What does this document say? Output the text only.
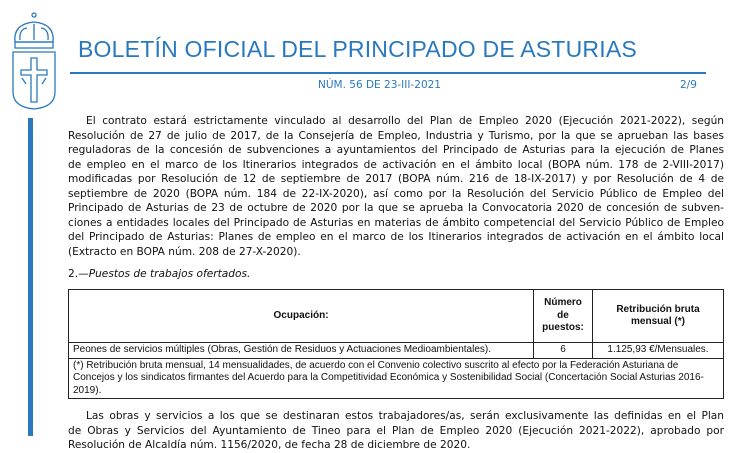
BOLETÍN OFICIAL DEL PRINCIPADO DE ASTURIAS
NÚM. 56 DE 23-III-2021	2/9
El contrato estará estrictamente vinculado al desarrollo del Plan de Empleo 2020 (Ejecución 2021-2022), según
Resolución de 27 de julio de 2017, de la Consejería de Empleo, Industria y Turismo, por la que se aprueban las bases
reguladoras de la concesión de subvenciones a ayuntamientos del Principado de Asturias para la ejecución de Planes
de empleo en el marco de los Itinerarios integrados de activación en el ámbito local (BOPA núm. 178 de 2-VIII-2017)
modificadas por Resolución de 12 de septiembre de 2017 (BOPA núm. 216 de 18-IX-2017) y por Resolución de 4 de
septiembre de 2020 (BOPA núm. 184 de 22-IX-2020), así como por la Resolución del Servicio Público de Empleo del
Principado de Asturias de 23 de octubre de 2020 por la que se aprueba la Convocatoria 2020 de concesión de subven-
ciones a entidades locales del Principado de Asturias en materias de ámbito competencial del Servicio Público de Empleo
del Principado de Asturias: Planes de empleo en el marco de los Itinerarios integrados de activación en el ámbito local
(Extracto en BOPA núm. 208 de 27-X-2020).
2.—Puestos de trabajos ofertados.
Ocupación:	Número de puestos:	Retribución bruta mensual (*)
Peones de servicios múltiples (Obras, Gestión de Residuos y Actuaciones Medioambientales).	6	1.125,93 €/Mensuales.
(*) Retribución bruta mensual, 14 mensualidades, de acuerdo con el Convenio colectivo suscrito al efecto por la Federación Asturiana de Concejos y los sindicatos firmantes del Acuerdo para la Competitividad Económica y Sostenibilidad Social (Concertación Social Asturias 2016-2019).		
Las obras y servicios a los que se destinaran estos trabajadores/as, serán exclusivamente las definidas en el Plan
de Obras y Servicios del Ayuntamiento de Tineo para el Plan de Empleo 2020 (Ejecución 2021-2022), aprobado por
Resolución de Alcaldía núm. 1156/2020, de fecha 28 de diciembre de 2020.
